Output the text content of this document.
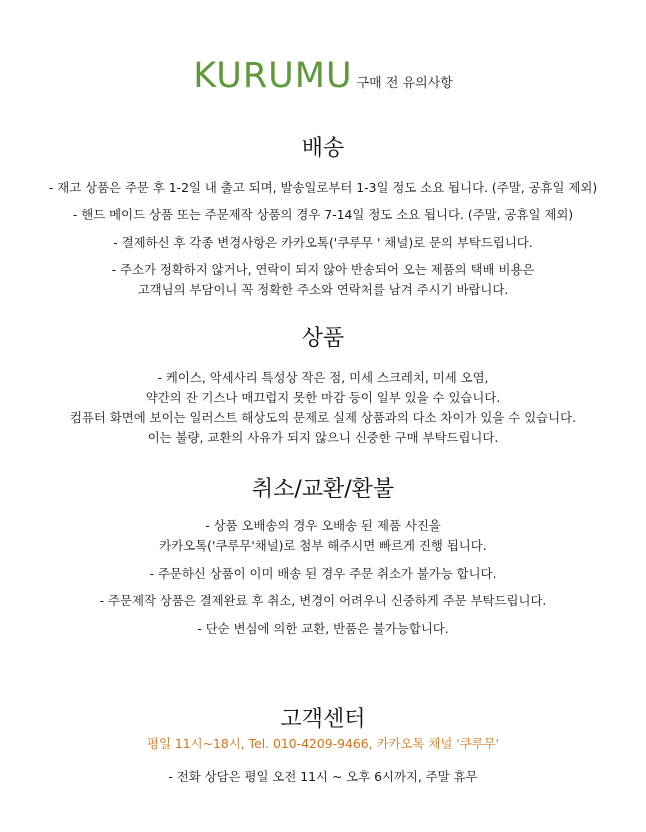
KURUMU 구매 전 유의사항
배송
- 재고 상품은 주문 후 1-2일 내 출고 되며, 발송일로부터 1-3일 정도 소요 됩니다. (주말, 공휴일 제외)
- 핸드 메이드 상품 또는 주문제작 상품의 경우 7-14일 정도 소요 됩니다. (주말, 공휴일 제외)
- 결제하신 후 각종 변경사항은 카카오톡('쿠루무 ' 채널)로 문의 부탁드립니다.
- 주소가 정확하지 않거나, 연락이 되지 않아 반송되어 오는 제품의 택배 비용은
고객님의 부담이니 꼭 정확한 주소와 연락처를 남겨 주시기 바랍니다.
상품
- 케이스, 악세사리 특성상 작은 점, 미세 스크레치, 미세 오염,
약간의 잔 기스나 매끄럽지 못한 마감 등이 일부 있을 수 있습니다.
컴퓨터 화면에 보이는 일러스트 해상도의 문제로 실제 상품과의 다소 차이가 있을 수 있습니다.
이는 불량, 교환의 사유가 되지 않으니 신중한 구매 부탁드립니다.
취소/교환/환불
- 상품 오배송의 경우 오배송 된 제품 사진을
카카오톡('쿠루무'채널)로 첨부 해주시면 빠르게 진행 됩니다.
- 주문하신 상품이 이미 배송 된 경우 주문 취소가 불가능 합니다.
- 주문제작 상품은 결제완료 후 취소, 변경이 어려우니 신중하게 주문 부탁드립니다.
- 단순 변심에 의한 교환, 반품은 불가능합니다.
고객센터
평일 11시~18시, Tel. 010-4209-9466, 카카오톡 채널 '쿠루무'
- 전화 상담은 평일 오전 11시 ~ 오후 6시까지, 주말 휴무
